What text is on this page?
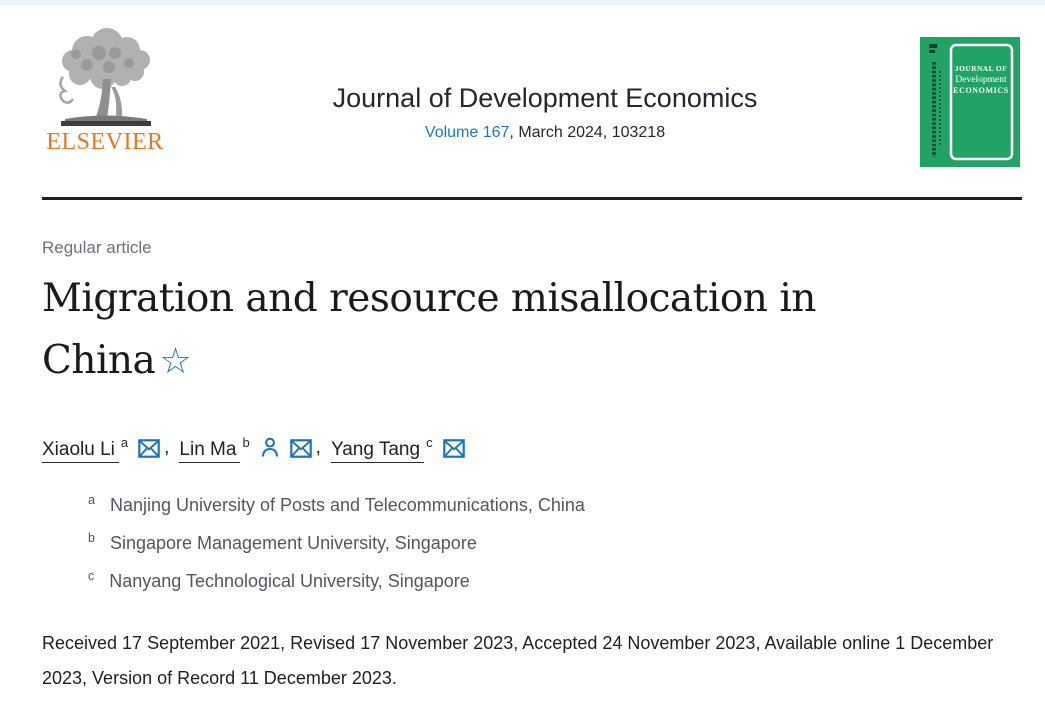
ELSEVIER
Journal of Development Economics
Volume 167, March 2024, 103218
JOURNAL OF
Development
ECONOMICS
Regular article
Migration and resource misallocation in China ☆
Xiaolu Li $^a$	, Lin Ma $^b$	, Yang Tang $^c$
$^a$ Nanjing University of Posts and Telecommunications, China
$^b$ Singapore Management University, Singapore
$^c$ Nanyang Technological University, Singapore

Received 17 September 2021, Revised 17 November 2023, Accepted 24 November 2023, Available online 1 December 2023, Version of Record 11 December 2023.
